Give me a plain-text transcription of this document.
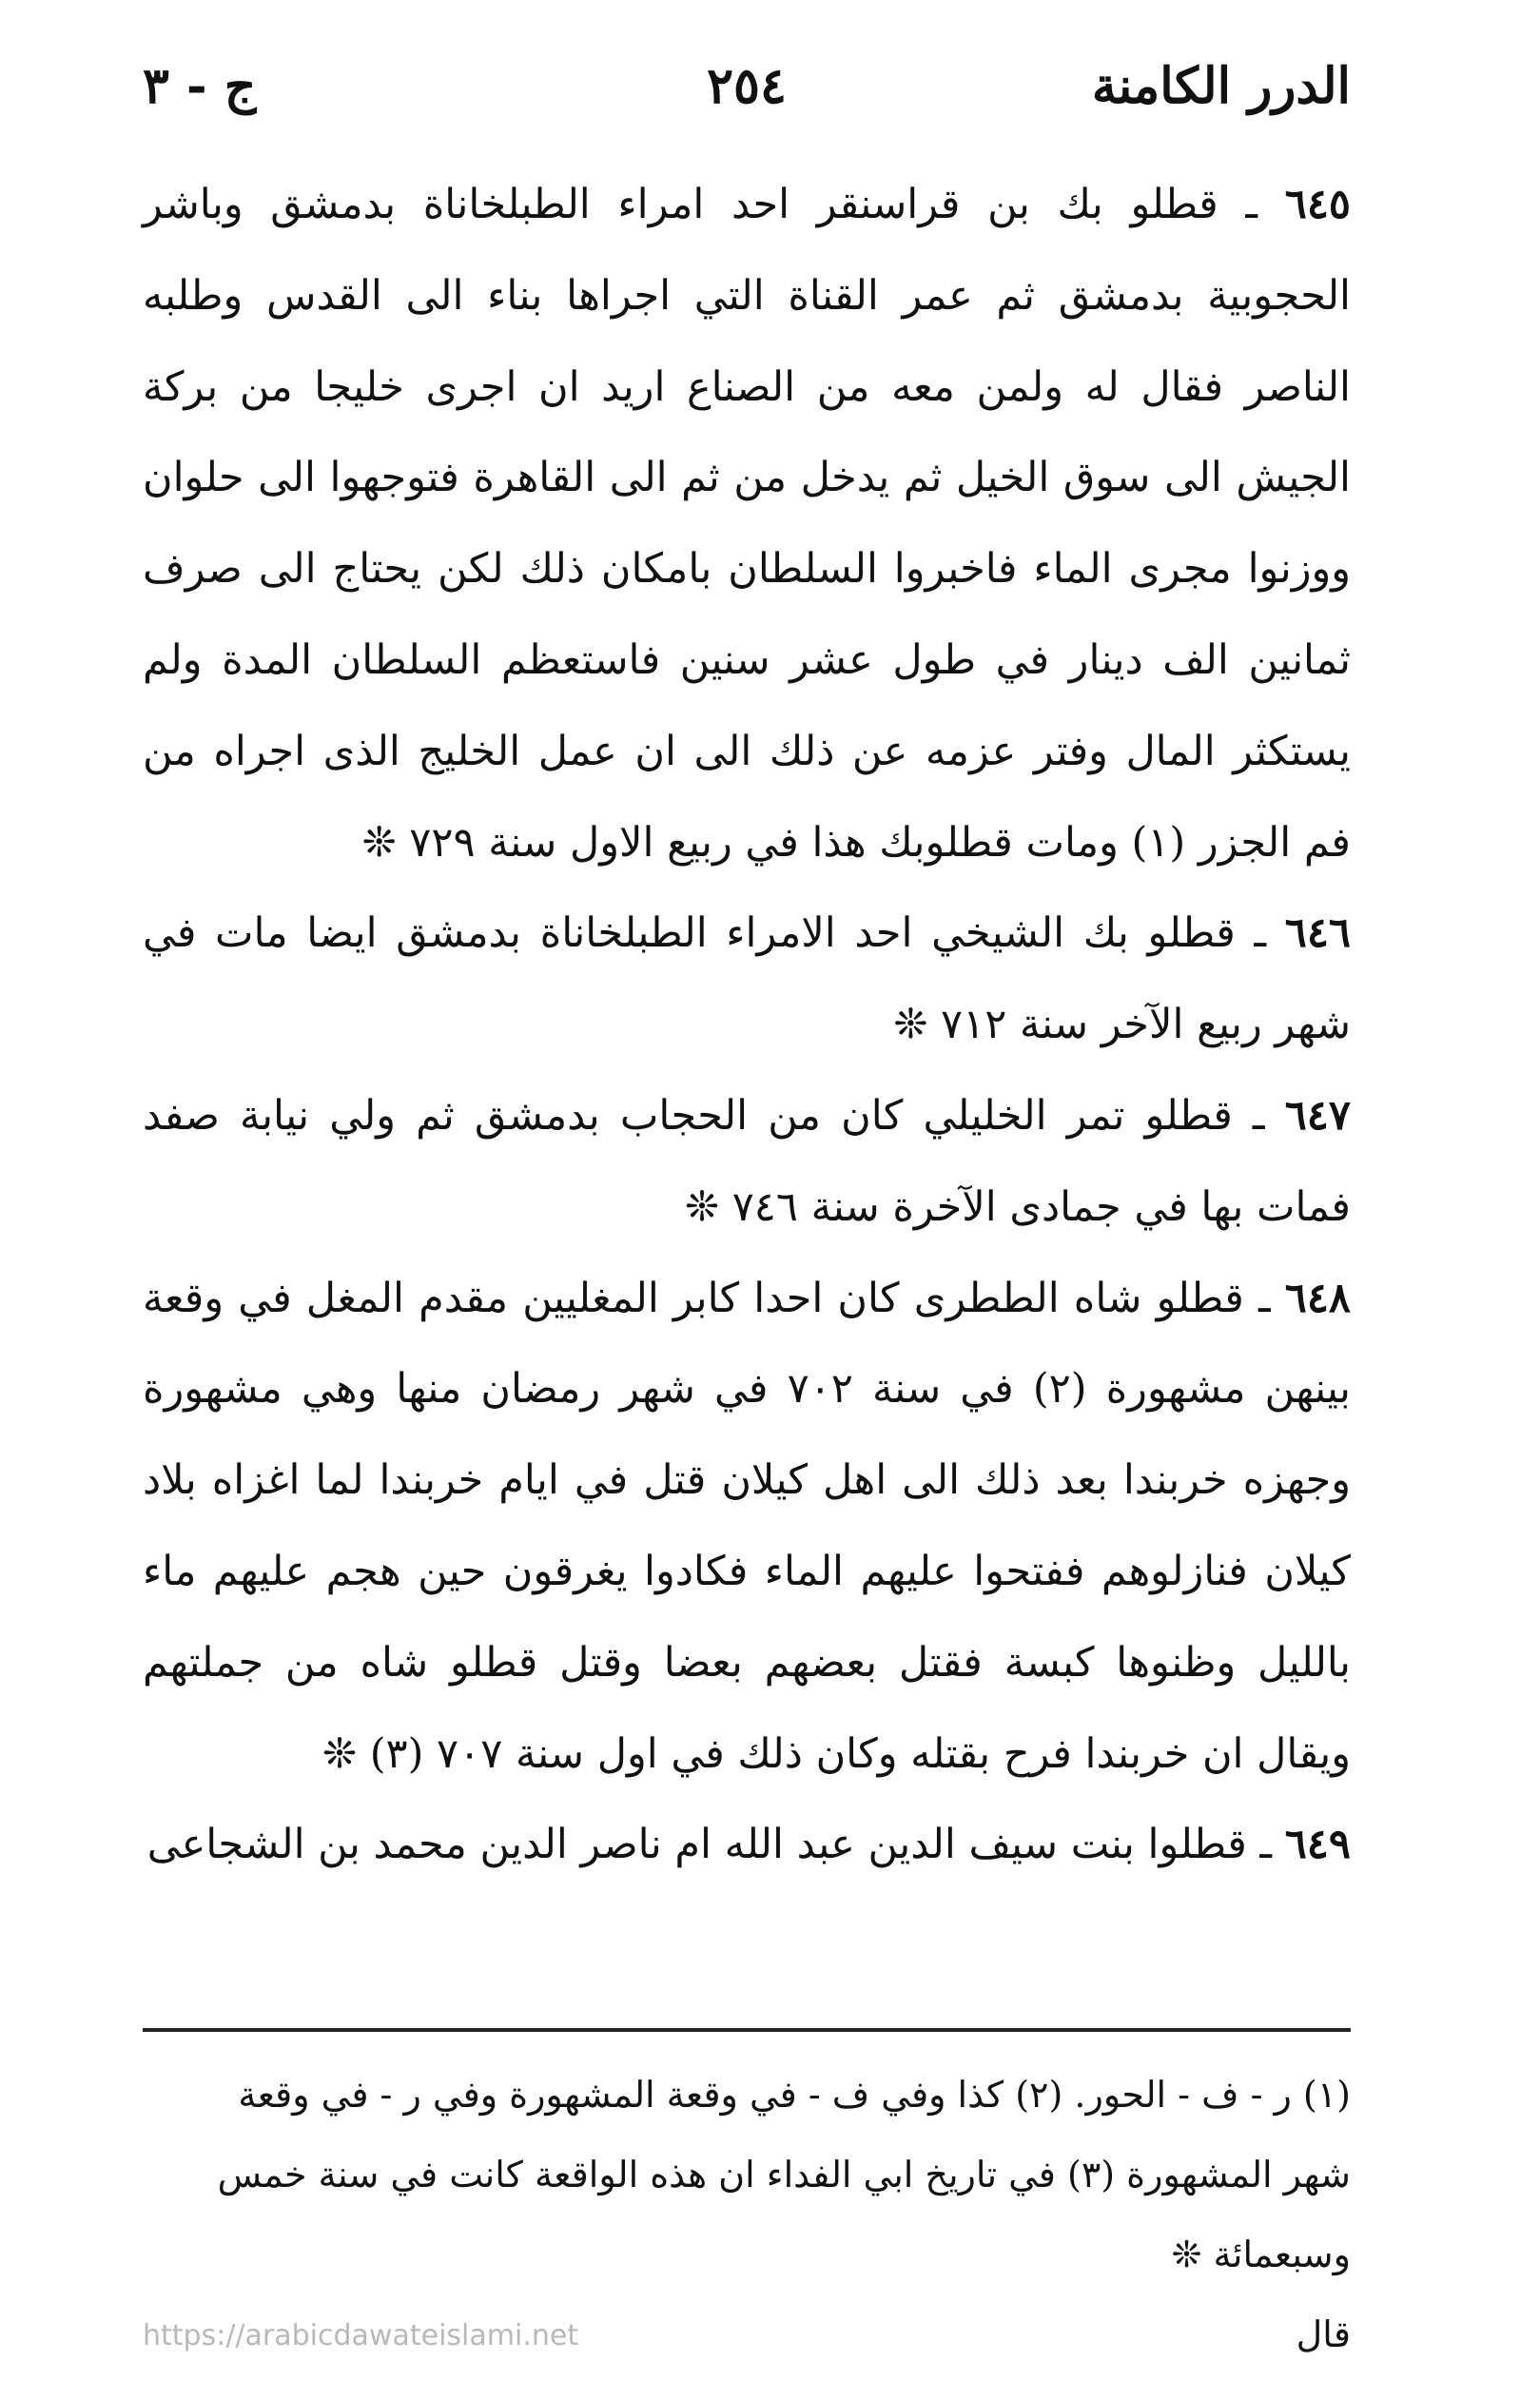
الدرر الكامنة
٢٥٤
ج - ٣

٦٤٥ ـ قطلو بك بن قراسنقر احد امراء الطبلخاناة بدمشق وباشر الحجوبية بدمشق ثم عمر القناة التي اجراها بناء الى القدس وطلبه الناصر فقال له ولمن معه من الصناع اريد ان اجرى خليجا من بركة الجيش الى سوق الخيل ثم يدخل من ثم الى القاهرة فتوجهوا الى حلوان ووزنوا مجرى الماء فاخبروا السلطان بامكان ذلك لكن يحتاج الى صرف ثمانين الف دينار في طول عشر سنين فاستعظم السلطان المدة ولم يستكثر المال وفتر عزمه عن ذلك الى ان عمل الخليج الذى اجراه من فم الجزر (١) ومات قطلوبك هذا في ربيع الاول سنة ٧٢٩ ❊

٦٤٦ ـ قطلو بك الشيخي احد الامراء الطبلخاناة بدمشق ايضا مات في شهر ربيع الآخر سنة ٧١٢ ❊

٦٤٧ ـ قطلو تمر الخليلي كان من الحجاب بدمشق ثم ولي نيابة صفد فمات بها في جمادى الآخرة سنة ٧٤٦ ❊

٦٤٨ ـ قطلو شاه الططرى كان احدا كابر المغليين مقدم المغل في وقعة بينهن مشهورة (٢) في سنة ٧٠٢ في شهر رمضان منها وهي مشهورة وجهزه خربندا بعد ذلك الى اهل كيلان قتل في ايام خربندا لما اغزاه بلاد كيلان فنازلوهم ففتحوا عليهم الماء فكادوا يغرقون حين هجم عليهم ماء بالليل وظنوها كبسة فقتل بعضهم بعضا وقتل قطلو شاه من جملتهم ويقال ان خربندا فرح بقتله وكان ذلك في اول سنة ٧٠٧ (٣) ❊

٦٤٩ ـ قطلوا بنت سيف الدين عبد الله ام ناصر الدين محمد بن الشجاعى

(١) ر - ف - الحور. (٢) كذا وفي ف - في وقعة المشهورة وفي ر - في وقعة

شهر المشهورة (٣) في تاريخ ابي الفداء ان هذه الواقعة كانت في سنة خمس وسبعمائة ❊

قال

https://arabicdawateislami.net
